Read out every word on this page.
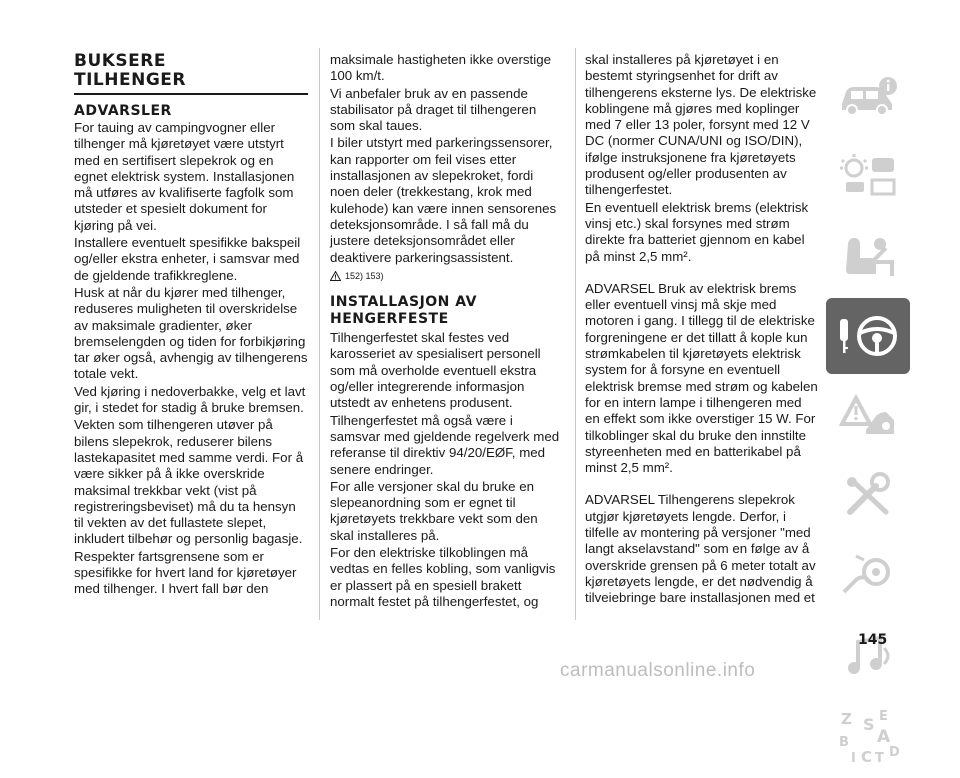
BUKSERE

TILHENGER

ADVARSLER

For tauing av campingvogner eller tilhenger må kjøretøyet være utstyrt med en sertifisert slepekrok og en egnet elektrisk system. Installasjonen må utføres av kvalifiserte fagfolk som utsteder et spesielt dokument for kjøring på vei.

Installere eventuelt spesifikke bakspeil og/eller ekstra enheter, i samsvar med de gjeldende trafikkreglene.

Husk at når du kjører med tilhenger, reduseres muligheten til overskridelse av maksimale gradienter, øker bremselengden og tiden for forbikjøring tar øker også, avhengig av tilhengerens totale vekt.

Ved kjøring i nedoverbakke, velg et lavt gir, i stedet for stadig å bruke bremsen.

Vekten som tilhengeren utøver på bilens slepekrok, reduserer bilens lastekapasitet med samme verdi. For å være sikker på å ikke overskride maksimal trekkbar vekt (vist på registreringsbeviset) må du ta hensyn til vekten av det fullastete slepet, inkludert tilbehør og personlig bagasje.

Respekter fartsgrensene som er spesifikke for hvert land for kjøretøyer med tilhenger. I hvert fall bør den

maksimale hastigheten ikke overstige 100 km/t.

Vi anbefaler bruk av en passende stabilisator på draget til tilhengeren som skal taues.

I biler utstyrt med parkeringssensorer, kan rapporter om feil vises etter installasjonen av slepekroket, fordi noen deler (trekkestang, krok med kulehode) kan være innen sensorenes deteksjonsområde. I så fall må du justere deteksjonsområdet eller deaktivere parkeringsassistent.

152) 153)

INSTALLASJON AV

HENGERFESTE

Tilhengerfestet skal festes ved karosseriet av spesialisert personell som må overholde eventuell ekstra og/eller integrerende informasjon utstedt av enhetens produsent.

Tilhengerfestet må også være i samsvar med gjeldende regelverk med referanse til direktiv 94/20/EØF, med senere endringer.

For alle versjoner skal du bruke en slepeanordning som er egnet til kjøretøyets trekkbare vekt som den skal installeres på.

For den elektriske tilkoblingen må vedtas en felles kobling, som vanligvis er plassert på en spesiell brakett normalt festet på tilhengerfestet, og

skal installeres på kjøretøyet i en bestemt styringsenhet for drift av tilhengerens eksterne lys. De elektriske koblingene må gjøres med koplinger med 7 eller 13 poler, forsynt med 12 V DC (normer CUNA/UNI og ISO/DIN), ifølge instruksjonene fra kjøretøyets produsent og/eller produsenten av tilhengerfestet.

En eventuell elektrisk brems (elektrisk vinsj etc.) skal forsynes med strøm direkte fra batteriet gjennom en kabel på minst 2,5 mm².

ADVARSEL Bruk av elektrisk brems eller eventuell vinsj må skje med motoren i gang. I tillegg til de elektriske forgreningene er det tillatt å kople kun strømkabelen til kjøretøyets elektrisk system for å forsyne en eventuell elektrisk bremse med strøm og kabelen for en intern lampe i tilhengeren med en effekt som ikke overstiger 15 W. For tilkoblinger skal du bruke den innstilte styreenheten med en batterikabel på minst 2,5 mm².

ADVARSEL Tilhengerens slepekrok utgjør kjøretøyets lengde. Derfor, i tilfelle av montering på versjoner "med langt akselavstand" som en følge av å overskride grensen på 6 meter totalt av kjøretøyets lengde, er det nødvendig å tilveiebringe bare installasjonen med et

Z E
S
B A
I C T D
145
carmanualsonline.info
